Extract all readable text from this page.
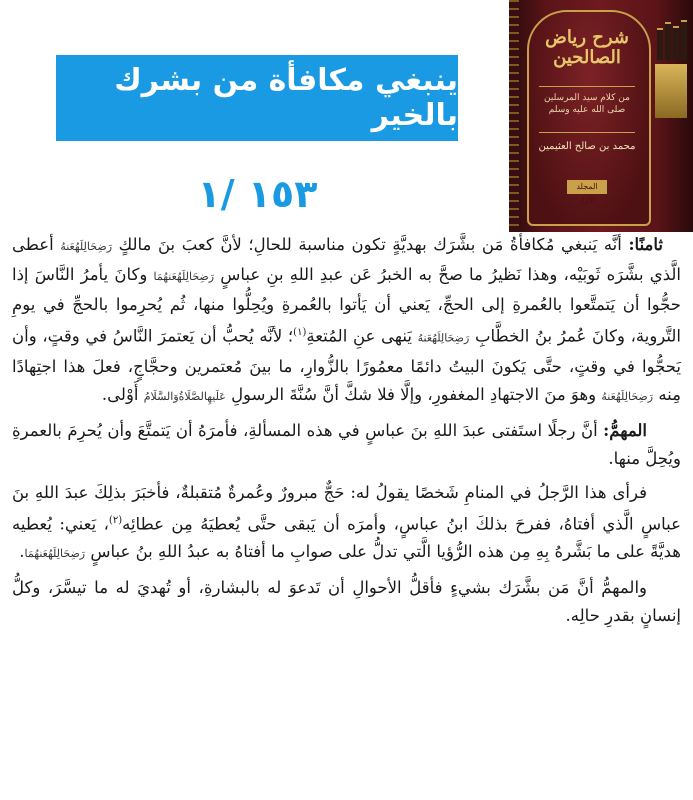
ينبغي مكافأة من بشرك بالخير
١٥٣ /١
شرح رياض الصالحين
من كلام سيد المرسلين صلى الله عليه وسلم
محمد بن صالح العثيمين
المجلد الأول

ثامنًا: أنَّه يَنبغي مُكافأةُ مَن بشَّرَك بهديَّةٍ تكون مناسبة للحالِ؛ لأنَّ كعبَ بنَ مالكٍ رَضِحَالِلَهُعَنهُ أعطى الَّذي بشَّرَه ثَوبَيْه، وهذا نَظيرُ ما صحَّ به الخبرُ عَن عبدِ اللهِ بنِ عباسٍ رَضِحَالِلَهُعَنهُمَا وكانَ يأمرُ النَّاسَ إذا حجُّوا أن يَتمتَّعوا بالعُمرةِ إلى الحجِّ، يَعني أن يَأتوا بالعُمرةِ ويُحِلُّوا منها، ثُم يُحرِموا بالحجِّ في يومِ التَّروية، وكانَ عُمرُ بنُ الخطَّابِ رَضِحَالِلَهُعَنهُ يَنهى عنِ المُتعةِ$^{(١)}$؛ لأنَّه يُحبُّ أن يَعتمرَ النَّاسُ في وقتٍ، وأن يَحجُّوا في وقتٍ، حتَّى يَكونَ البيتُ دائمًا معمُورًا بالزُّوارِ، ما بينَ مُعتمرين وحجَّاجٍ، فعلَ هذا اجتِهادًا مِنه رَضِحَالِلَهُعَنهُ وهوَ منَ الاجتهادِ المغفورِ، وإلَّا فلا شكَّ أنَّ سُنَّةَ الرسولِ عَلَيهِالصَّلَاةُوَالسَّلَامُ أَوْلى.

المهمُّ: أنَّ رجلًا استَفتى عبدَ اللهِ بنَ عباسٍ في هذه المسألةِ، فأمرَهُ أن يَتمتَّعَ وأن يُحرِمَ بالعمرةِ ويُحِلَّ منها.

فرأى هذا الرَّجلُ في المنامِ شَخصًا يقولُ له: حَجٌّ مبرورٌ وعُمرةٌ مُتقبلةٌ، فأخبَرَ بذلِكَ عبدَ اللهِ بنَ عباسٍ الَّذي أفتاهُ، ففرحَ بذلكَ ابنُ عباسٍ، وأمرَه أن يَبقى حتَّى يُعطيَهُ مِن عطائِه$^{(٢)}$، يَعني: يُعطيه هديَّةً على ما بَشَّرهُ بِهِ مِن هذه الرُّؤيا الَّتي تدلُّ على صوابِ ما أفتاهُ به عبدُ اللهِ بنُ عباسٍ رَضِحَالِلَهُعَنهُمَا.

والمهمُّ أنَّ مَن بشَّرَك بشيءٍ فأقلُّ الأحوالِ أن تَدعوَ له بالبشارةِ، أو تُهديَ له ما تيسَّرَ، وكلُّ إنسانٍ بقدرِ حالِه.
